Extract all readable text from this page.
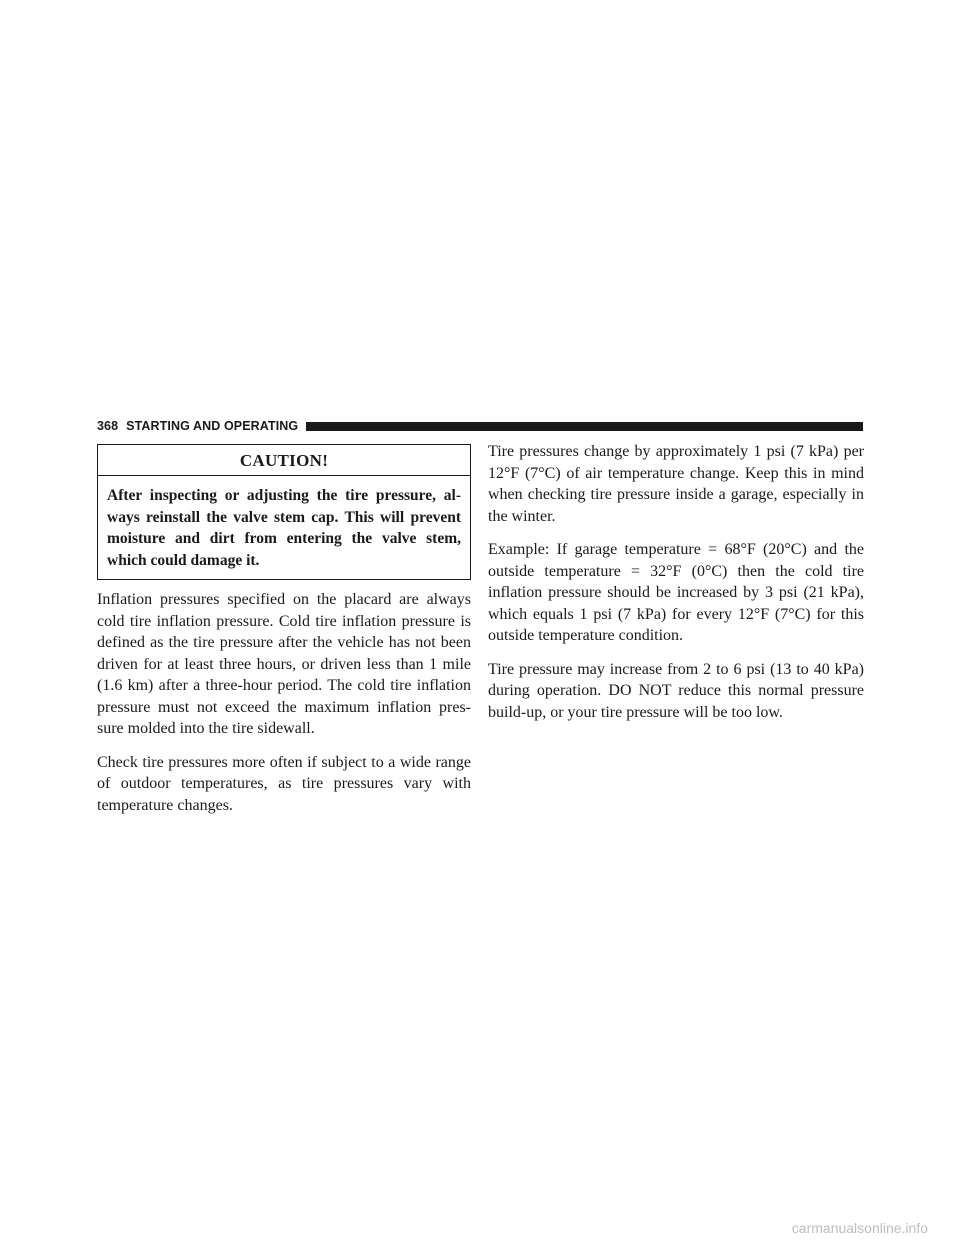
368 STARTING AND OPERATING
CAUTION!
After inspecting or adjusting the tire pressure, al-ways reinstall the valve stem cap. This will prevent moisture and dirt from entering the valve stem, which could damage it.

Inflation pressures specified on the placard are always cold tire inflation pressure. Cold tire inflation pressure is defined as the tire pressure after the vehicle has not been driven for at least three hours, or driven less than 1 mile (1.6 km) after a three-hour period. The cold tire inflation pressure must not exceed the maximum inflation pres-sure molded into the tire sidewall.

Check tire pressures more often if subject to a wide range of outdoor temperatures, as tire pressures vary with temperature changes.

Tire pressures change by approximately 1 psi (7 kPa) per 12°F (7°C) of air temperature change. Keep this in mind when checking tire pressure inside a garage, especially in the winter.

Example: If garage temperature = 68°F (20°C) and the outside temperature = 32°F (0°C) then the cold tire inflation pressure should be increased by 3 psi (21 kPa), which equals 1 psi (7 kPa) for every 12°F (7°C) for this outside temperature condition.

Tire pressure may increase from 2 to 6 psi (13 to 40 kPa) during operation. DO NOT reduce this normal pressure build-up, or your tire pressure will be too low.

carmanualsonline.info
